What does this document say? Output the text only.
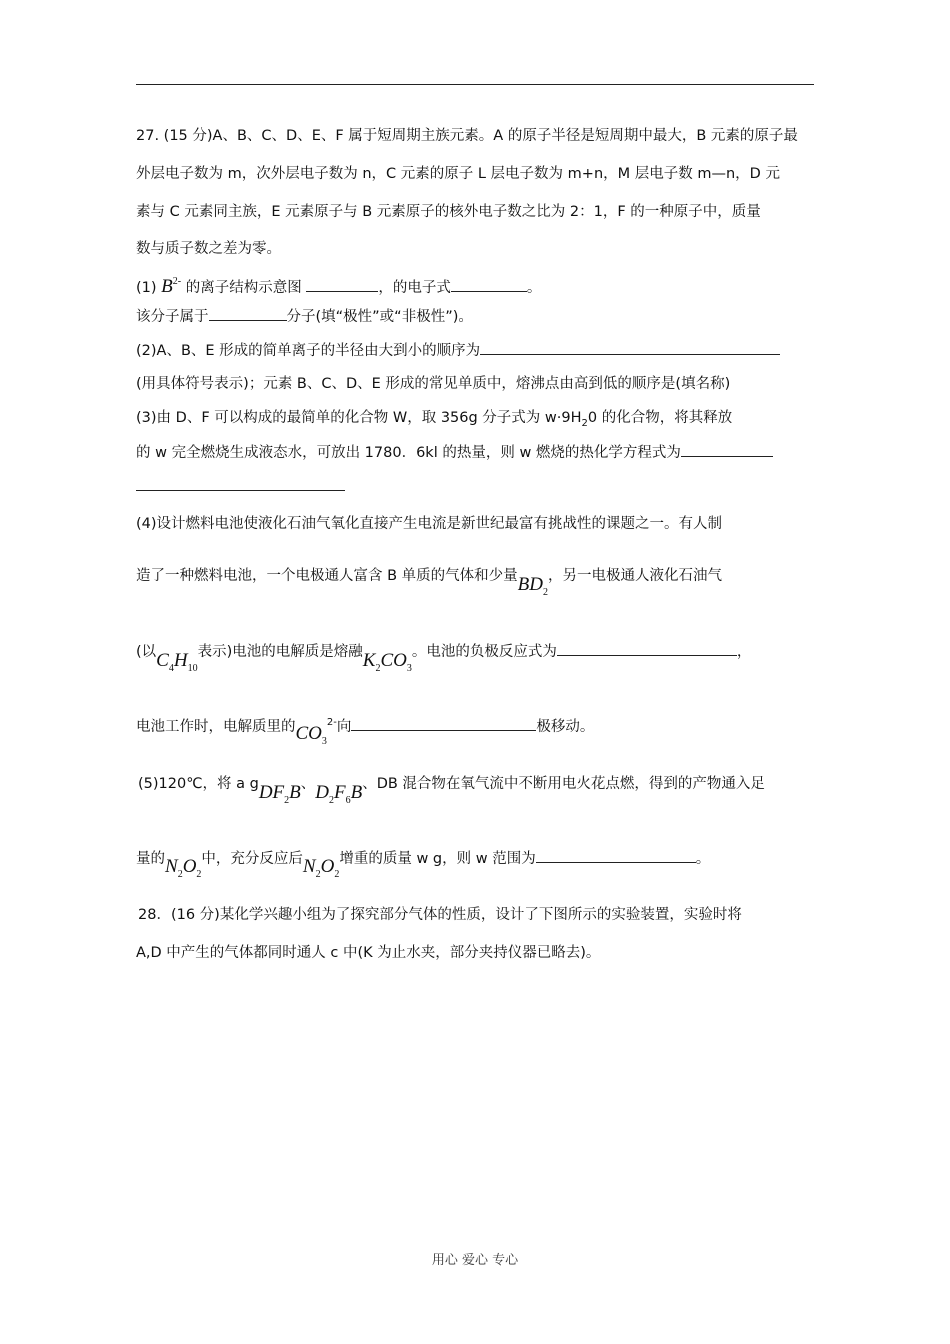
27. (15 分)A、B、C、D、E、F 属于短周期主族元素。A 的原子半径是短周期中最大，B 元素的原子最
外层电子数为 m，次外层电子数为 n，C 元素的原子 L 层电子数为 m+n，M 层电子数 m—n，D 元
素与 C 元素同主族，E 元素原子与 B 元素原子的核外电子数之比为 2：1，F 的一种原子中，质量
数与质子数之差为零。
(1) $B^{2-}$ 的离子结构示意图	，的电子式	。
该分子属于	分子(填“极性”或“非极性”)。
(2)A、B、E 形成的简单离子的半径由大到小的顺序为
(用具体符号表示)；元素 B、C、D、E 形成的常见单质中，熔沸点由高到低的顺序是(填名称)
(3)由 D、F 可以构成的最简单的化合物 W，取 356g 分子式为 $w\cdot 9H_20$ 的化合物，将其释放
的 w 完全燃烧生成液态水，可放出 1780．6kl 的热量，则 w 燃烧的热化学方程式为
(4)设计燃料电池使液化石油气氧化直接产生电流是新世纪最富有挑战性的课题之一。有人制
造了一种燃料电池，一个电极通人富含 B 单质的气体和少量$BD_2$，另一电极通人液化石油气
(以$C_4H_{10}$表示)电池的电解质是熔融$K_2CO_3$。电池的负极反应式为	，
电池工作时，电解质里的$CO_3^{2-}$向	极移动。
(5)120℃，将 a gDF$_2$B、$D_2F_6B$、DB 混合物在氧气流中不断用电火花点燃，得到的产物通入足
量的$N_2O_2$中，充分反应后$N_2O_2$增重的质量 w g，则 w 范围为	。
28．(16 分)某化学兴趣小组为了探究部分气体的性质，设计了下图所示的实验装置，实验时将
A,D 中产生的气体都同时通人 c 中(K 为止水夹，部分夹持仪器已略去)。
用心 爱心 专心
